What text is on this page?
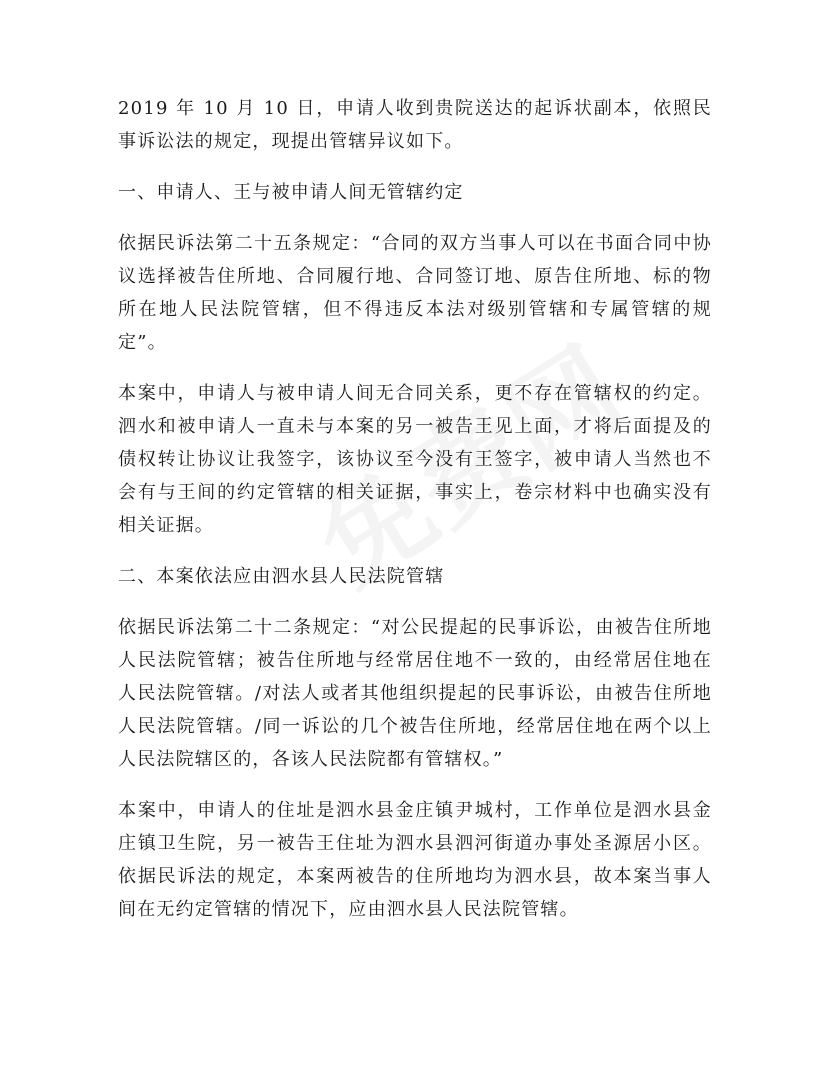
2019 年 10 月 10 日，申请人收到贵院送达的起诉状副本，依照民事诉讼法的规定，现提出管辖异议如下。

一、申请人、王与被申请人间无管辖约定

依据民诉法第二十五条规定：“合同的双方当事人可以在书面合同中协议选择被告住所地、合同履行地、合同签订地、原告住所地、标的物所在地人民法院管辖，但不得违反本法对级别管辖和专属管辖的规定”。

本案中，申请人与被申请人间无合同关系，更不存在管辖权的约定。泗水和被申请人一直未与本案的另一被告王见上面，才将后面提及的债权转让协议让我签字，该协议至今没有王签字，被申请人当然也不会有与王间的约定管辖的相关证据，事实上，卷宗材料中也确实没有相关证据。

二、本案依法应由泗水县人民法院管辖

依据民诉法第二十二条规定：“对公民提起的民事诉讼，由被告住所地人民法院管辖；被告住所地与经常居住地不一致的，由经常居住地在人民法院管辖。/对法人或者其他组织提起的民事诉讼，由被告住所地人民法院管辖。/同一诉讼的几个被告住所地，经常居住地在两个以上人民法院辖区的，各该人民法院都有管辖权。”

本案中，申请人的住址是泗水县金庄镇尹城村，工作单位是泗水县金庄镇卫生院，另一被告王住址为泗水县泗河街道办事处圣源居小区。依据民诉法的规定，本案两被告的住所地均为泗水县，故本案当事人间在无约定管辖的情况下，应由泗水县人民法院管辖。
